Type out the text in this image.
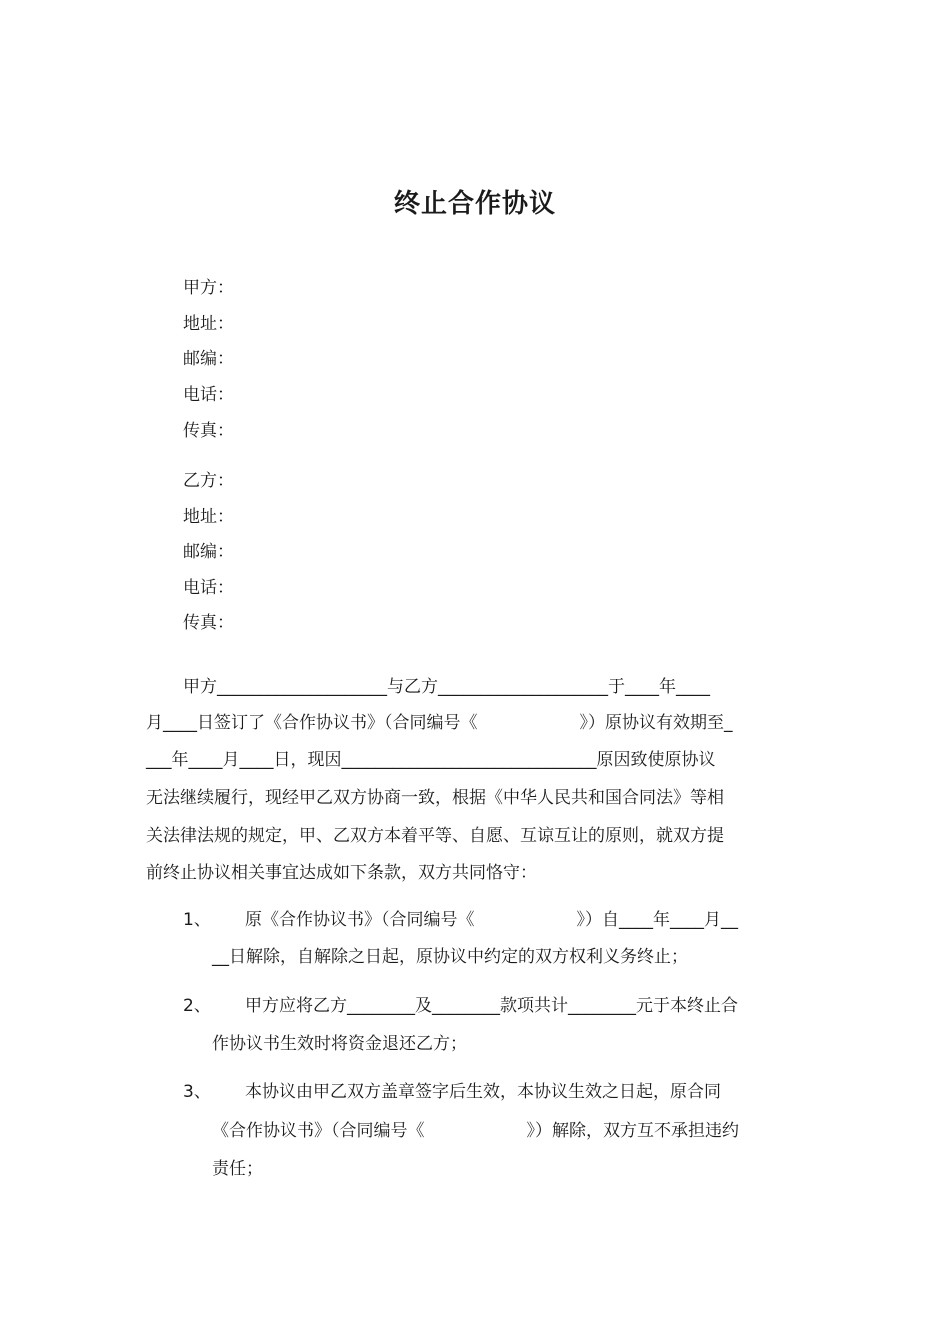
终止合作协议
甲方：
地址：
邮编：
电话：
传真：
乙方：
地址：
邮编：
电话：
传真：
甲方____________________与乙方____________________于____年____
月____日签订了《合作协议书》（合同编号《　　　　　　》）原协议有效期至_
___年____月____日，现因______________________________原因致使原协议
无法继续履行，现经甲乙双方协商一致，根据《中华人民共和国合同法》等相
关法律法规的规定，甲、乙双方本着平等、自愿、互谅互让的原则，就双方提
前终止协议相关事宜达成如下条款，双方共同恪守：
1、 原《合作协议书》（合同编号《　　　　　　》）自____年____月__
__日解除，自解除之日起，原协议中约定的双方权利义务终止；
2、 甲方应将乙方________及________款项共计________元于本终止合
作协议书生效时将资金退还乙方；
3、 本协议由甲乙双方盖章签字后生效，本协议生效之日起，原合同
《合作协议书》（合同编号《　　　　　　》）解除，双方互不承担违约
责任；
